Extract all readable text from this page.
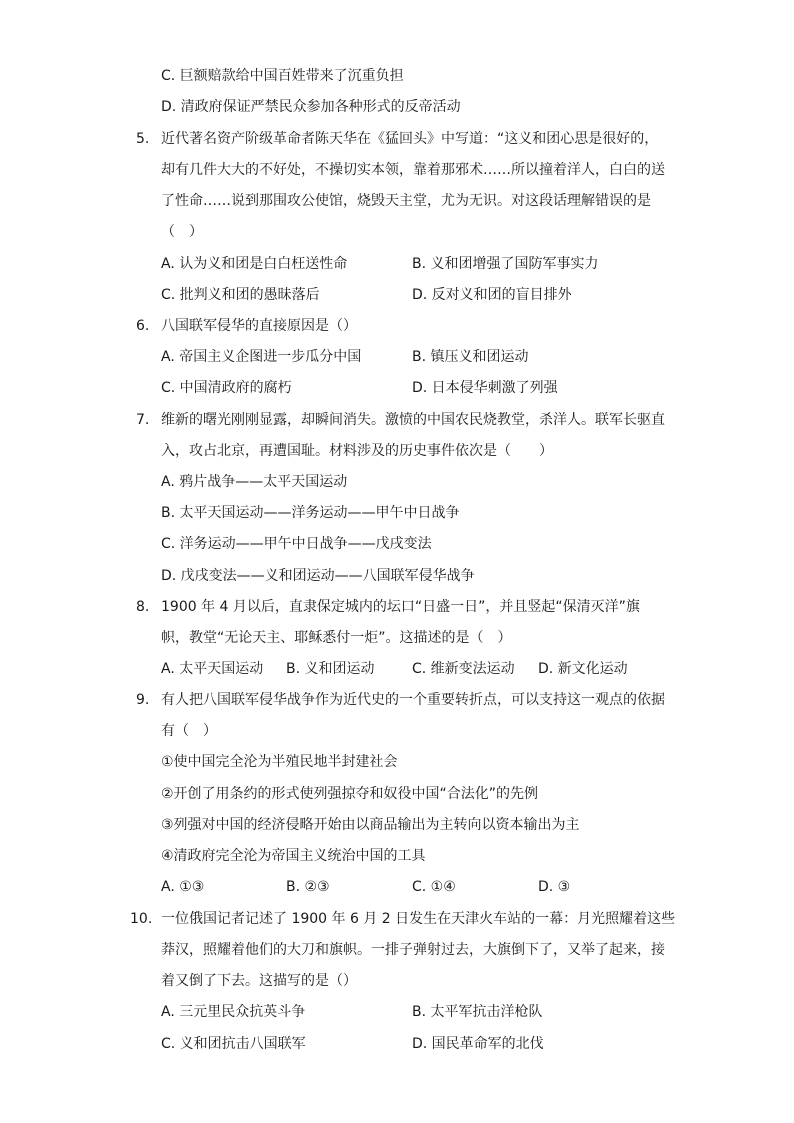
C. 巨额赔款给中国百姓带来了沉重负担
D. 清政府保证严禁民众参加各种形式的反帝活动
5. 近代著名资产阶级革命者陈天华在《猛回头》中写道：“这义和团心思是很好的，
却有几件大大的不好处，不操切实本领，靠着那邪术……所以撞着洋人，白白的送
了性命……说到那围攻公使馆，烧毁天主堂，尤为无识。对这段话理解错误的是
（　）
A. 认为义和团是白白枉送性命	B. 义和团增强了国防军事实力
C. 批判义和团的愚昧落后	D. 反对义和团的盲目排外
6. 八国联军侵华的直接原因是（）
A. 帝国主义企图进一步瓜分中国	B. 镇压义和团运动
C. 中国清政府的腐朽	D. 日本侵华刺激了列强
7. 维新的曙光刚刚显露，却瞬间消失。激愤的中国农民烧教堂，杀洋人。联军长驱直
入，攻占北京，再遭国耻。材料涉及的历史事件依次是（　　）
A. 鸦片战争——太平天国运动
B. 太平天国运动——洋务运动——甲午中日战争
C. 洋务运动——甲午中日战争——戊戌变法
D. 戊戌变法——义和团运动——八国联军侵华战争
8. 1900 年 4 月以后，直隶保定城内的坛口“日盛一日”，并且竖起“保清灭洋”旗
帜，教堂“无论天主、耶稣悉付一炬”。这描述的是（　）
A. 太平天国运动 B. 义和团运动	C. 维新变法运动 D. 新文化运动
9. 有人把八国联军侵华战争作为近代史的一个重要转折点，可以支持这一观点的依据
有（　）
①使中国完全沦为半殖民地半封建社会
②开创了用条约的形式使列强掠夺和奴役中国“合法化”的先例
③列强对中国的经济侵略开始由以商品输出为主转向以资本输出为主
④清政府完全沦为帝国主义统治中国的工具
A. ①③	B. ②③	C. ①④	D. ③
10. 一位俄国记者记述了 1900 年 6 月 2 日发生在天津火车站的一幕：月光照耀着这些
莽汉，照耀着他们的大刀和旗帜。一排子弹射过去，大旗倒下了，又举了起来，接
着又倒了下去。这描写的是（）
A. 三元里民众抗英斗争	B. 太平军抗击洋枪队
C. 义和团抗击八国联军	D. 国民革命军的北伐
